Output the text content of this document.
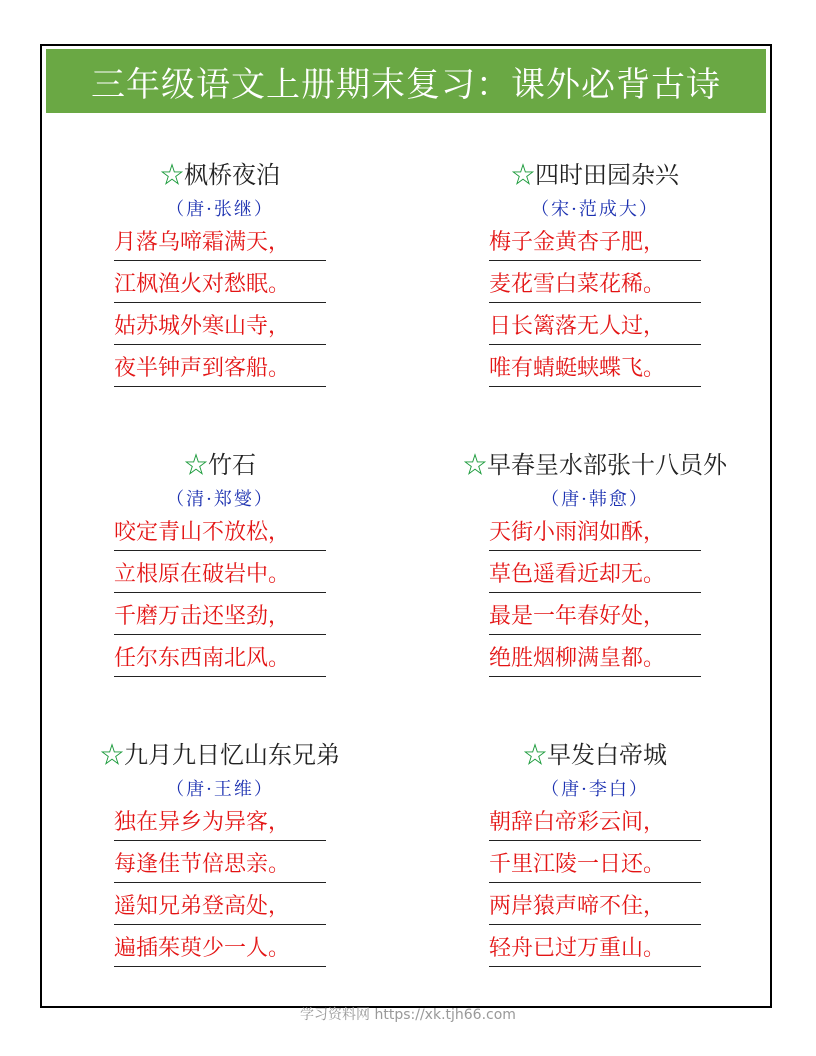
三年级语文上册期末复习：课外必背古诗
☆枫桥夜泊
（唐·张继）
月落乌啼霜满天，
江枫渔火对愁眠。
姑苏城外寒山寺，
夜半钟声到客船。
☆四时田园杂兴
（宋·范成大）
梅子金黄杏子肥，
麦花雪白菜花稀。
日长篱落无人过，
唯有蜻蜓蛱蝶飞。
☆竹石
（清·郑燮）
咬定青山不放松，
立根原在破岩中。
千磨万击还坚劲，
任尔东西南北风。
☆早春呈水部张十八员外
（唐·韩愈）
天街小雨润如酥，
草色遥看近却无。
最是一年春好处，
绝胜烟柳满皇都。
☆九月九日忆山东兄弟
（唐·王维）
独在异乡为异客，
每逢佳节倍思亲。
遥知兄弟登高处，
遍插茱萸少一人。
☆早发白帝城
（唐·李白）
朝辞白帝彩云间，
千里江陵一日还。
两岸猿声啼不住，
轻舟已过万重山。
学习资料网 https://xk.tjh66.com
